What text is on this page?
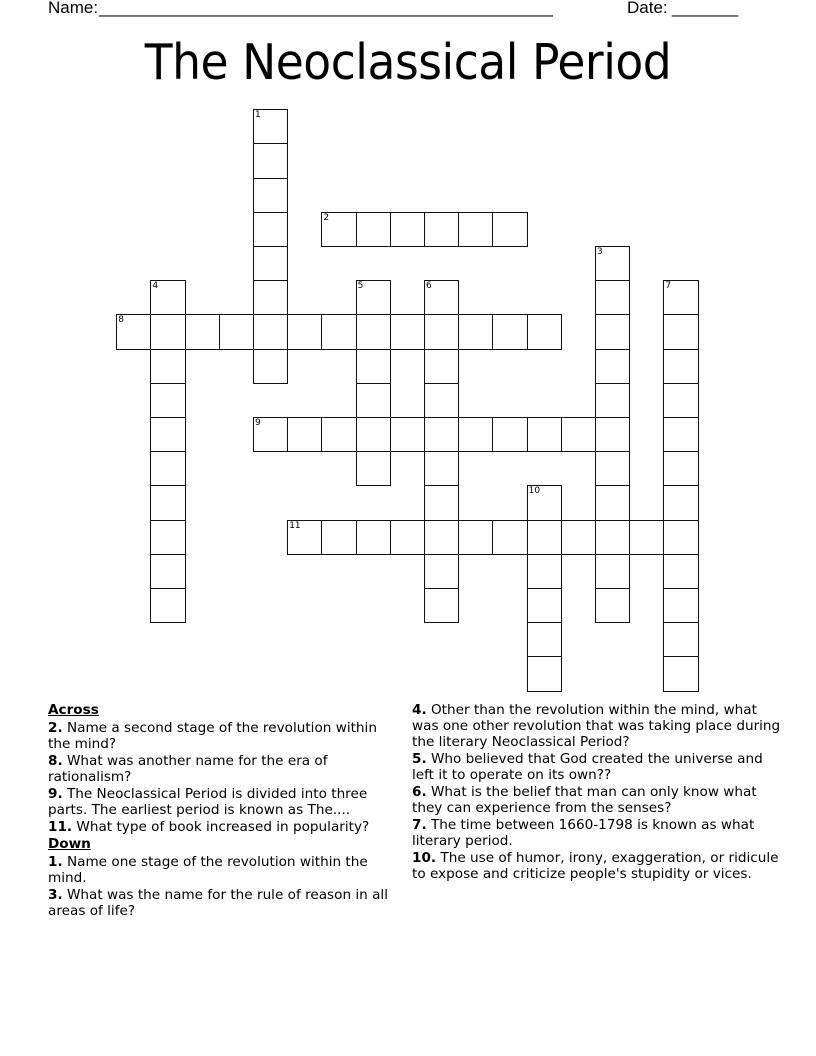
Name: ________________________________________________	Date: _______
The Neoclassical Period
1
2
3
4	5	6	7
8
9
10
11
Across
2. Name a second stage of the revolution within the mind?
8. What was another name for the era of rationalism?
9. The Neoclassical Period is divided into three parts. The earliest period is known as The....
11. What type of book increased in popularity?
Down
1. Name one stage of the revolution within the mind.
3. What was the name for the rule of reason in all areas of life?
4. Other than the revolution within the mind, what was one other revolution that was taking place during the literary Neoclassical Period?
5. Who believed that God created the universe and left it to operate on its own??
6. What is the belief that man can only know what they can experience from the senses?
7. The time between 1660-1798 is known as what literary period.
10. The use of humor, irony, exaggeration, or ridicule to expose and criticize people's stupidity or vices.
